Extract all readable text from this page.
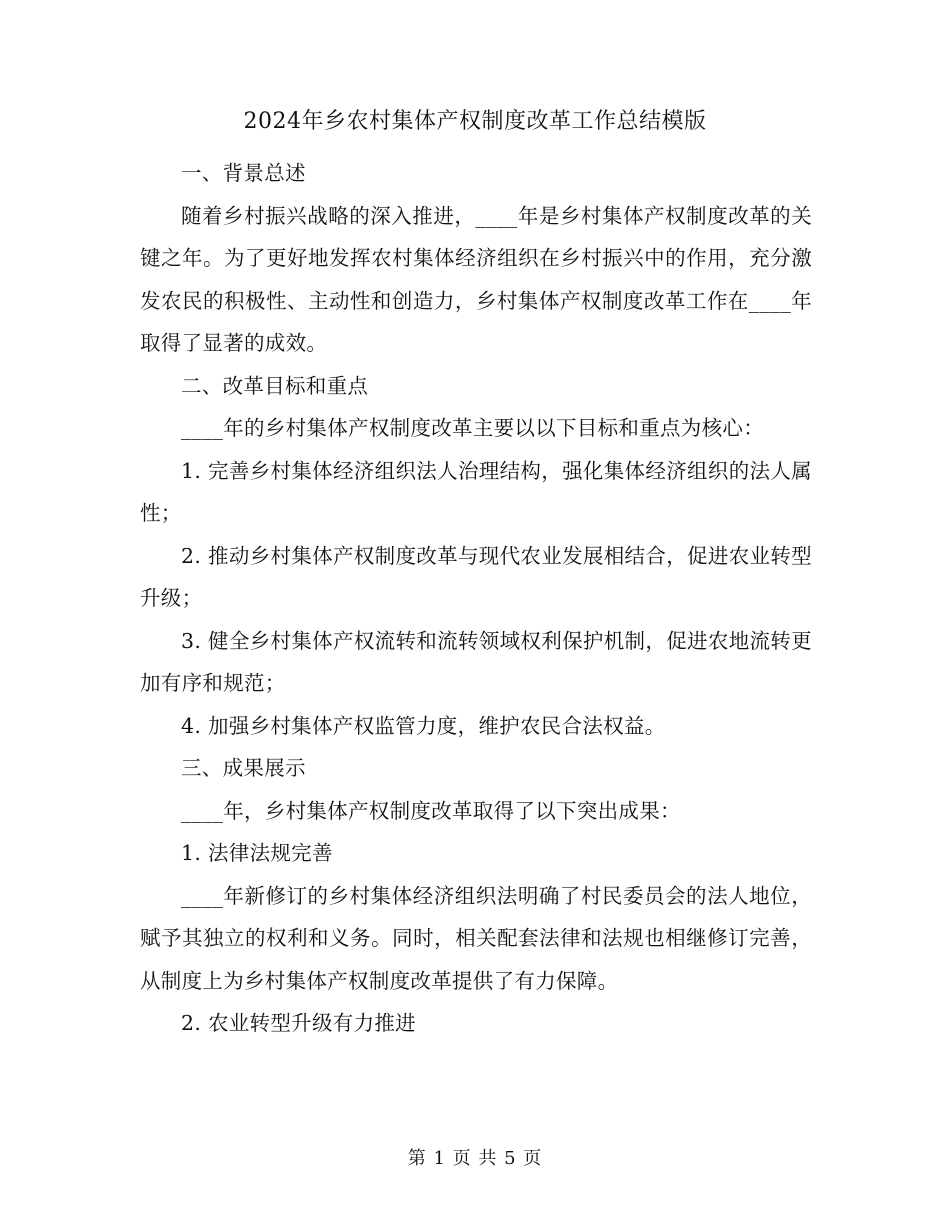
2024年乡农村集体产权制度改革工作总结模版

一、背景总述

随着乡村振兴战略的深入推进，____年是乡村集体产权制度改革的关键之年。为了更好地发挥农村集体经济组织在乡村振兴中的作用，充分激发农民的积极性、主动性和创造力，乡村集体产权制度改革工作在____年取得了显著的成效。

二、改革目标和重点

____年的乡村集体产权制度改革主要以以下目标和重点为核心：

1. 完善乡村集体经济组织法人治理结构，强化集体经济组织的法人属性；

2. 推动乡村集体产权制度改革与现代农业发展相结合，促进农业转型升级；

3. 健全乡村集体产权流转和流转领域权利保护机制，促进农地流转更加有序和规范；

4. 加强乡村集体产权监管力度，维护农民合法权益。

三、成果展示

____年，乡村集体产权制度改革取得了以下突出成果：

1. 法律法规完善

____年新修订的乡村集体经济组织法明确了村民委员会的法人地位，赋予其独立的权利和义务。同时，相关配套法律和法规也相继修订完善，从制度上为乡村集体产权制度改革提供了有力保障。

2. 农业转型升级有力推进

第 1 页 共 5 页
